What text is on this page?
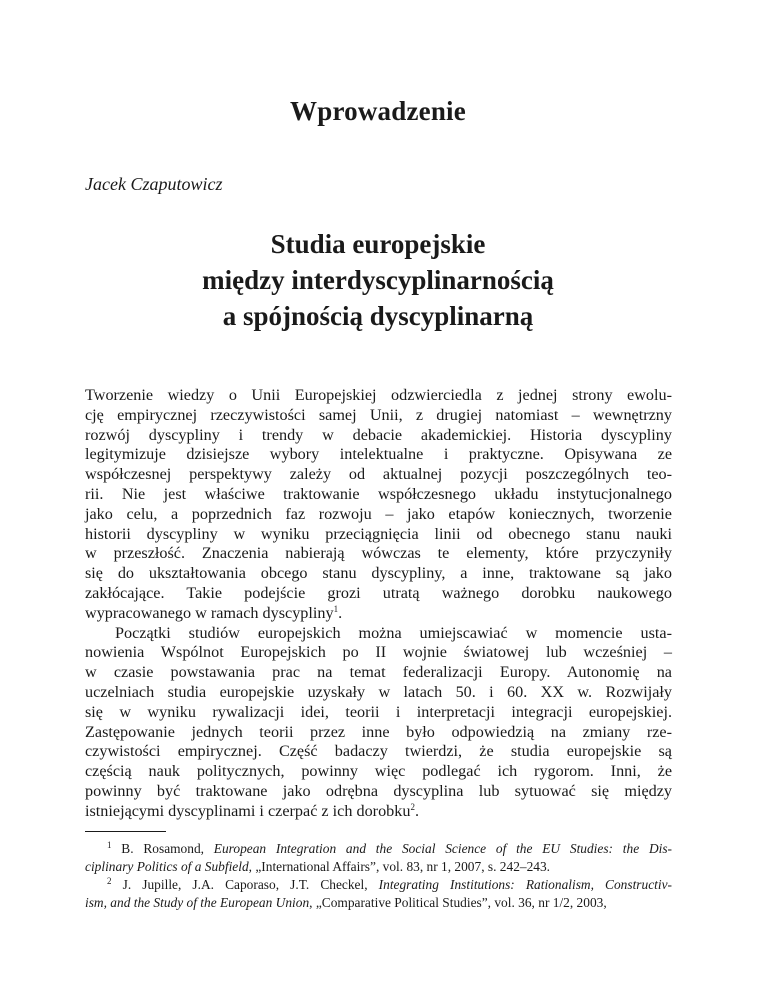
Wprowadzenie
Jacek Czaputowicz
Studia europejskie
między interdyscyplinarnością
a spójnością dyscyplinarną
Tworzenie wiedzy o Unii Europejskiej odzwierciedla z jednej strony ewolu-
cję empirycznej rzeczywistości samej Unii, z drugiej natomiast – wewnętrzny
rozwój dyscypliny i trendy w debacie akademickiej. Historia dyscypliny
legitymizuje dzisiejsze wybory intelektualne i praktyczne. Opisywana ze
współczesnej perspektywy zależy od aktualnej pozycji poszczególnych teo-
rii. Nie jest właściwe traktowanie współczesnego układu instytucjonalnego
jako celu, a poprzednich faz rozwoju – jako etapów koniecznych, tworzenie
historii dyscypliny w wyniku przeciągnięcia linii od obecnego stanu nauki
w przeszłość. Znaczenia nabierają wówczas te elementy, które przyczyniły
się do ukształtowania obcego stanu dyscypliny, a inne, traktowane są jako
zakłócające. Takie podejście grozi utratą ważnego dorobku naukowego
wypracowanego w ramach dyscypliny$^1$.
Początki studiów europejskich można umiejscawiać w momencie usta-
nowienia Wspólnot Europejskich po II wojnie światowej lub wcześniej –
w czasie powstawania prac na temat federalizacji Europy. Autonomię na
uczelniach studia europejskie uzyskały w latach 50. i 60. XX w. Rozwijały
się w wyniku rywalizacji idei, teorii i interpretacji integracji europejskiej.
Zastępowanie jednych teorii przez inne było odpowiedzią na zmiany rze-
czywistości empirycznej. Część badaczy twierdzi, że studia europejskie są
częścią nauk politycznych, powinny więc podlegać ich rygorom. Inni, że
powinny być traktowane jako odrębna dyscyplina lub sytuować się między
istniejącymi dyscyplinami i czerpać z ich dorobku$^2$.
$^1$ B. Rosamond, European Integration and the Social Science of the EU Studies: the Dis-
ciplinary Politics of a Subfield, „International Affairs”, vol. 83, nr 1, 2007, s. 242–243.
$^2$ J. Jupille, J.A. Caporaso, J.T. Checkel, Integrating Institutions: Rationalism, Constructiv-
ism, and the Study of the European Union, „Comparative Political Studies”, vol. 36, nr 1/2, 2003,
